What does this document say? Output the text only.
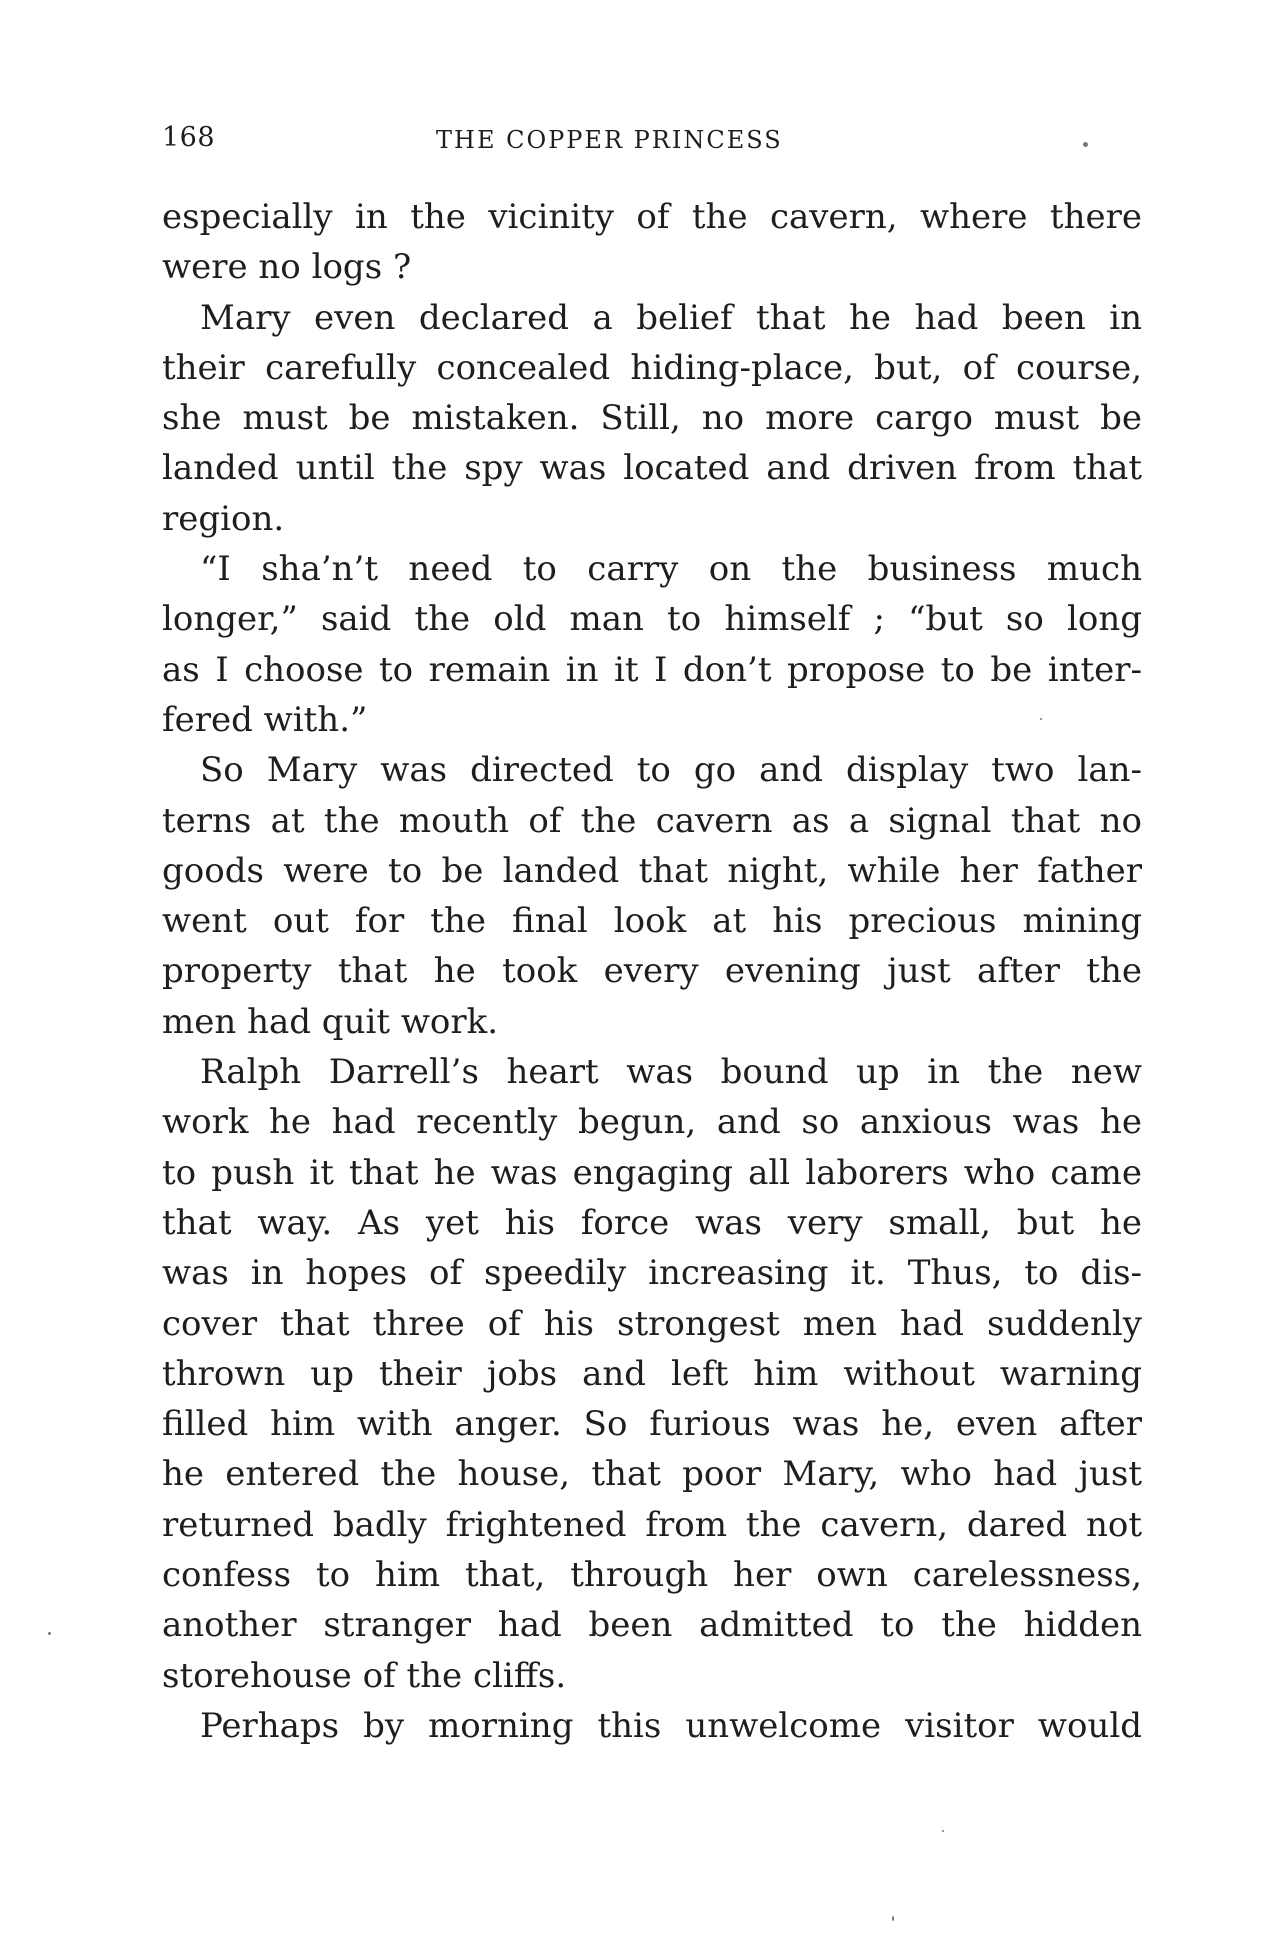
168	THE COPPER PRINCESS
especially in the vicinity of the cavern, where there
were no logs ?
Mary even declared a belief that he had been in
their carefully concealed hiding-place, but, of course,
she must be mistaken. Still, no more cargo must be
landed until the spy was located and driven from that
region.
“I sha’n’t need to carry on the business much
longer,” said the old man to himself ; “but so long
as I choose to remain in it I don’t propose to be inter-
fered with.”
So Mary was directed to go and display two lan-
terns at the mouth of the cavern as a signal that no
goods were to be landed that night, while her father
went out for the final look at his precious mining
property that he took every evening just after the
men had quit work.
Ralph Darrell’s heart was bound up in the new
work he had recently begun, and so anxious was he
to push it that he was engaging all laborers who came
that way. As yet his force was very small, but he
was in hopes of speedily increasing it. Thus, to dis-
cover that three of his strongest men had suddenly
thrown up their jobs and left him without warning
filled him with anger. So furious was he, even after
he entered the house, that poor Mary, who had just
returned badly frightened from the cavern, dared not
confess to him that, through her own carelessness,
another stranger had been admitted to the hidden
storehouse of the cliffs.
Perhaps by morning this unwelcome visitor would
